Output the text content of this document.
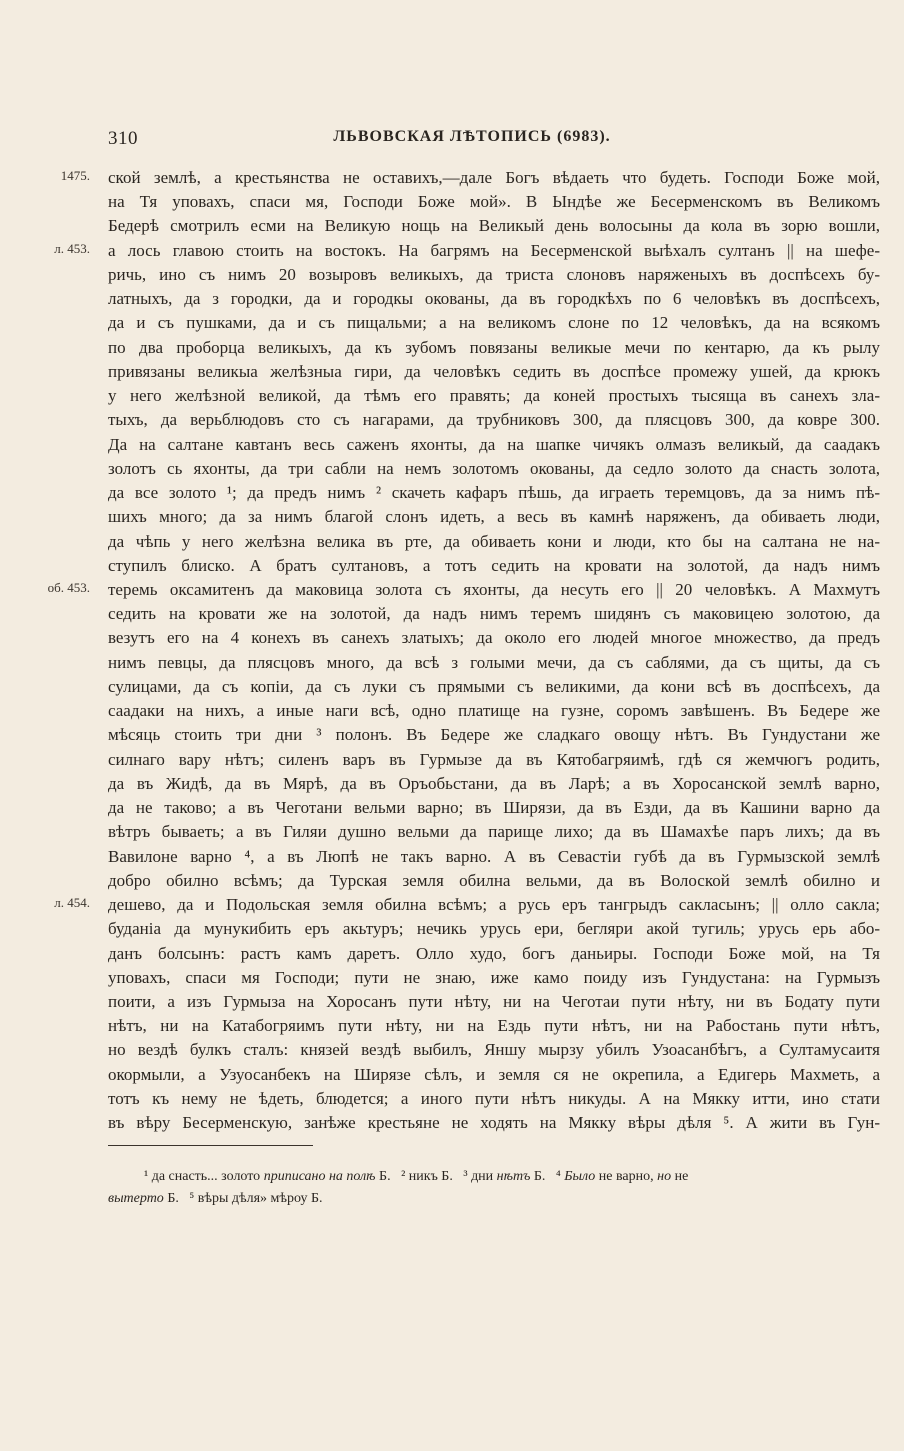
310	ЛЬВОВСКАЯ ЛѢТОПИСЬ (6983).
ской землѣ, а крестьянства не оставихъ,—дале Богъ вѣдаеть что будеть. Господи Боже мой,
1475.
на Тя уповахъ, спаси мя, Господи Боже мой». В Ындѣе же Бесерменскомъ въ Великомъ
Бедерѣ смотрилъ есми на Великую нощь на Великый день волосыны да кола въ зорю вошли,
а лось главою стоить на востокъ. На багрямъ на Бесерменской выѣхалъ султанъ || на шефе-
л. 453.
ричь, ино съ нимъ 20 возыровъ великыхъ, да триста слоновъ наряженыхъ въ доспѣсехъ бу-
латныхъ, да з городки, да и городкы окованы, да въ городкѣхъ по 6 человѣкъ въ доспѣсехъ,
да и съ пушками, да и съ пищальми; а на великомъ слоне по 12 человѣкъ, да на всякомъ
по два проборца великыхъ, да къ зубомъ повязаны великые мечи по кентарю, да къ рылу
привязаны великыа желѣзныа гири, да человѣкъ седить въ доспѣсе промежу ушей, да крюкъ
у него желѣзной великой, да тѣмъ его правять; да коней простыхъ тысяща въ санехъ зла-
тыхъ, да верьблюдовъ сто съ нагарами, да трубниковъ 300, да плясцовъ 300, да ковре 300.
Да на салтане кавтанъ весь саженъ яхонты, да на шапке чичякъ олмазъ великый, да саадакъ
золотъ сь яхонты, да три сабли на немъ золотомъ окованы, да седло золото да снасть золота,
да все золото ¹; да предъ нимъ ² скачеть кафаръ пѣшь, да играеть теремцовъ, да за нимъ пѣ-
шихъ много; да за нимъ благой слонъ идеть, а весь въ камнѣ наряженъ, да обиваеть люди,
да чѣпь у него желѣзна велика въ рте, да обиваеть кони и люди, кто бы на салтана не на-
ступилъ блиско. А братъ султановъ, а тотъ седить на кровати на золотой, да надъ нимъ
теремь оксамитенъ да маковица золота съ яхонты, да несуть его || 20 человѣкъ. А Махмутъ
об. 453.
седить на кровати же на золотой, да надъ нимъ теремъ шидянъ съ маковицею золотою, да
везутъ его на 4 конехъ въ санехъ златыхъ; да около его людей многое множество, да предъ
нимъ певцы, да плясцовъ много, да всѣ з голыми мечи, да съ саблями, да съ щиты, да съ
сулицами, да съ копіи, да съ луки съ прямыми съ великими, да кони всѣ въ доспѣсехъ, да
саадаки на нихъ, а иные наги всѣ, одно платище на гузне, соромъ завѣшенъ. Въ Бедере же
мѣсяць стоить три дни ³ полонъ. Въ Бедере же сладкаго овощу нѣтъ. Въ Гундустани же
силнаго вару нѣтъ; силенъ варъ въ Гурмызе да въ Кятобагряимѣ, гдѣ ся жемчюгъ родить,
да въ Жидѣ, да въ Мярѣ, да въ Оръобьстани, да въ Ларѣ; а въ Хоросанской землѣ варно,
да не таково; а въ Чеготани вельми варно; въ Ширязи, да въ Езди, да въ Кашини варно да
вѣтръ бываеть; а въ Гиляи душно вельми да парище лихо; да въ Шамахѣе паръ лихъ; да въ
Вавилоне варно ⁴, а въ Люпѣ не такъ варно. А въ Севастіи губѣ да въ Гурмызской землѣ
добро обилно всѣмъ; да Турская земля обилна вельми, да въ Волоской землѣ обилно и
дешево, да и Подольская земля обилна всѣмъ; а русь еръ тангрыдъ сакласынъ; || олло сакла;
л. 454.
буданіа да мунукибить еръ акьтуръ; нечикь урусь ери, бегляри акой тугиль; урусь ерь або-
данъ болсынъ: растъ камъ даретъ. Олло худо, богъ даньиры. Господи Боже мой, на Тя
уповахъ, спаси мя Господи; пути не знаю, иже камо поиду изъ Гундустана: на Гурмызъ
поити, а изъ Гурмыза на Хоросанъ пути нѣту, ни на Чеготаи пути нѣту, ни въ Бодату пути
нѣтъ, ни на Катабогряимъ пути нѣту, ни на Ездь пути нѣтъ, ни на Рабостань пути нѣтъ,
но вездѣ булкъ сталъ: князей вездѣ выбилъ, Яншу мырзу убилъ Узоасанбѣгъ, а Султамусаитя
окормыли, а Узуосанбекъ на Ширязе сѣлъ, и земля ся не окрепила, а Едигерь Махметь, а
тотъ къ нему не ѣдеть, блюдется; а иного пути нѣтъ никуды. А на Мякку итти, ино стати
въ вѣру Бесерменскую, занѣже крестьяне не ходять на Мякку вѣры дѣля ⁵. А жити въ Гун-
¹ да снасть... золото приписано на полѣ Б. ² никъ Б. ³ дни нѣтъ Б. ⁴ Было не варно, но не
вытерто Б. ⁵ вѣры дѣля» мѣроу Б.
